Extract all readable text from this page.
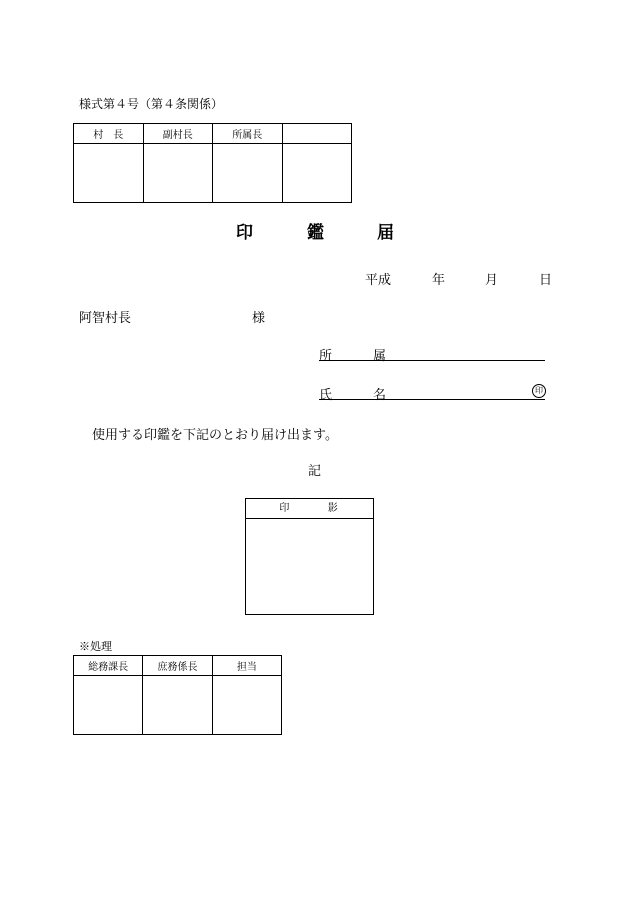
様式第４号（第４条関係）
村　長	副村長	所属長	

印	鑑	届
平成	年	月	日
阿智村長	様
所	属
氏	名	印
使用する印鑑を下記のとおり届け出ます。
記
印	影
※処理
総務課長	庶務係長	担当
